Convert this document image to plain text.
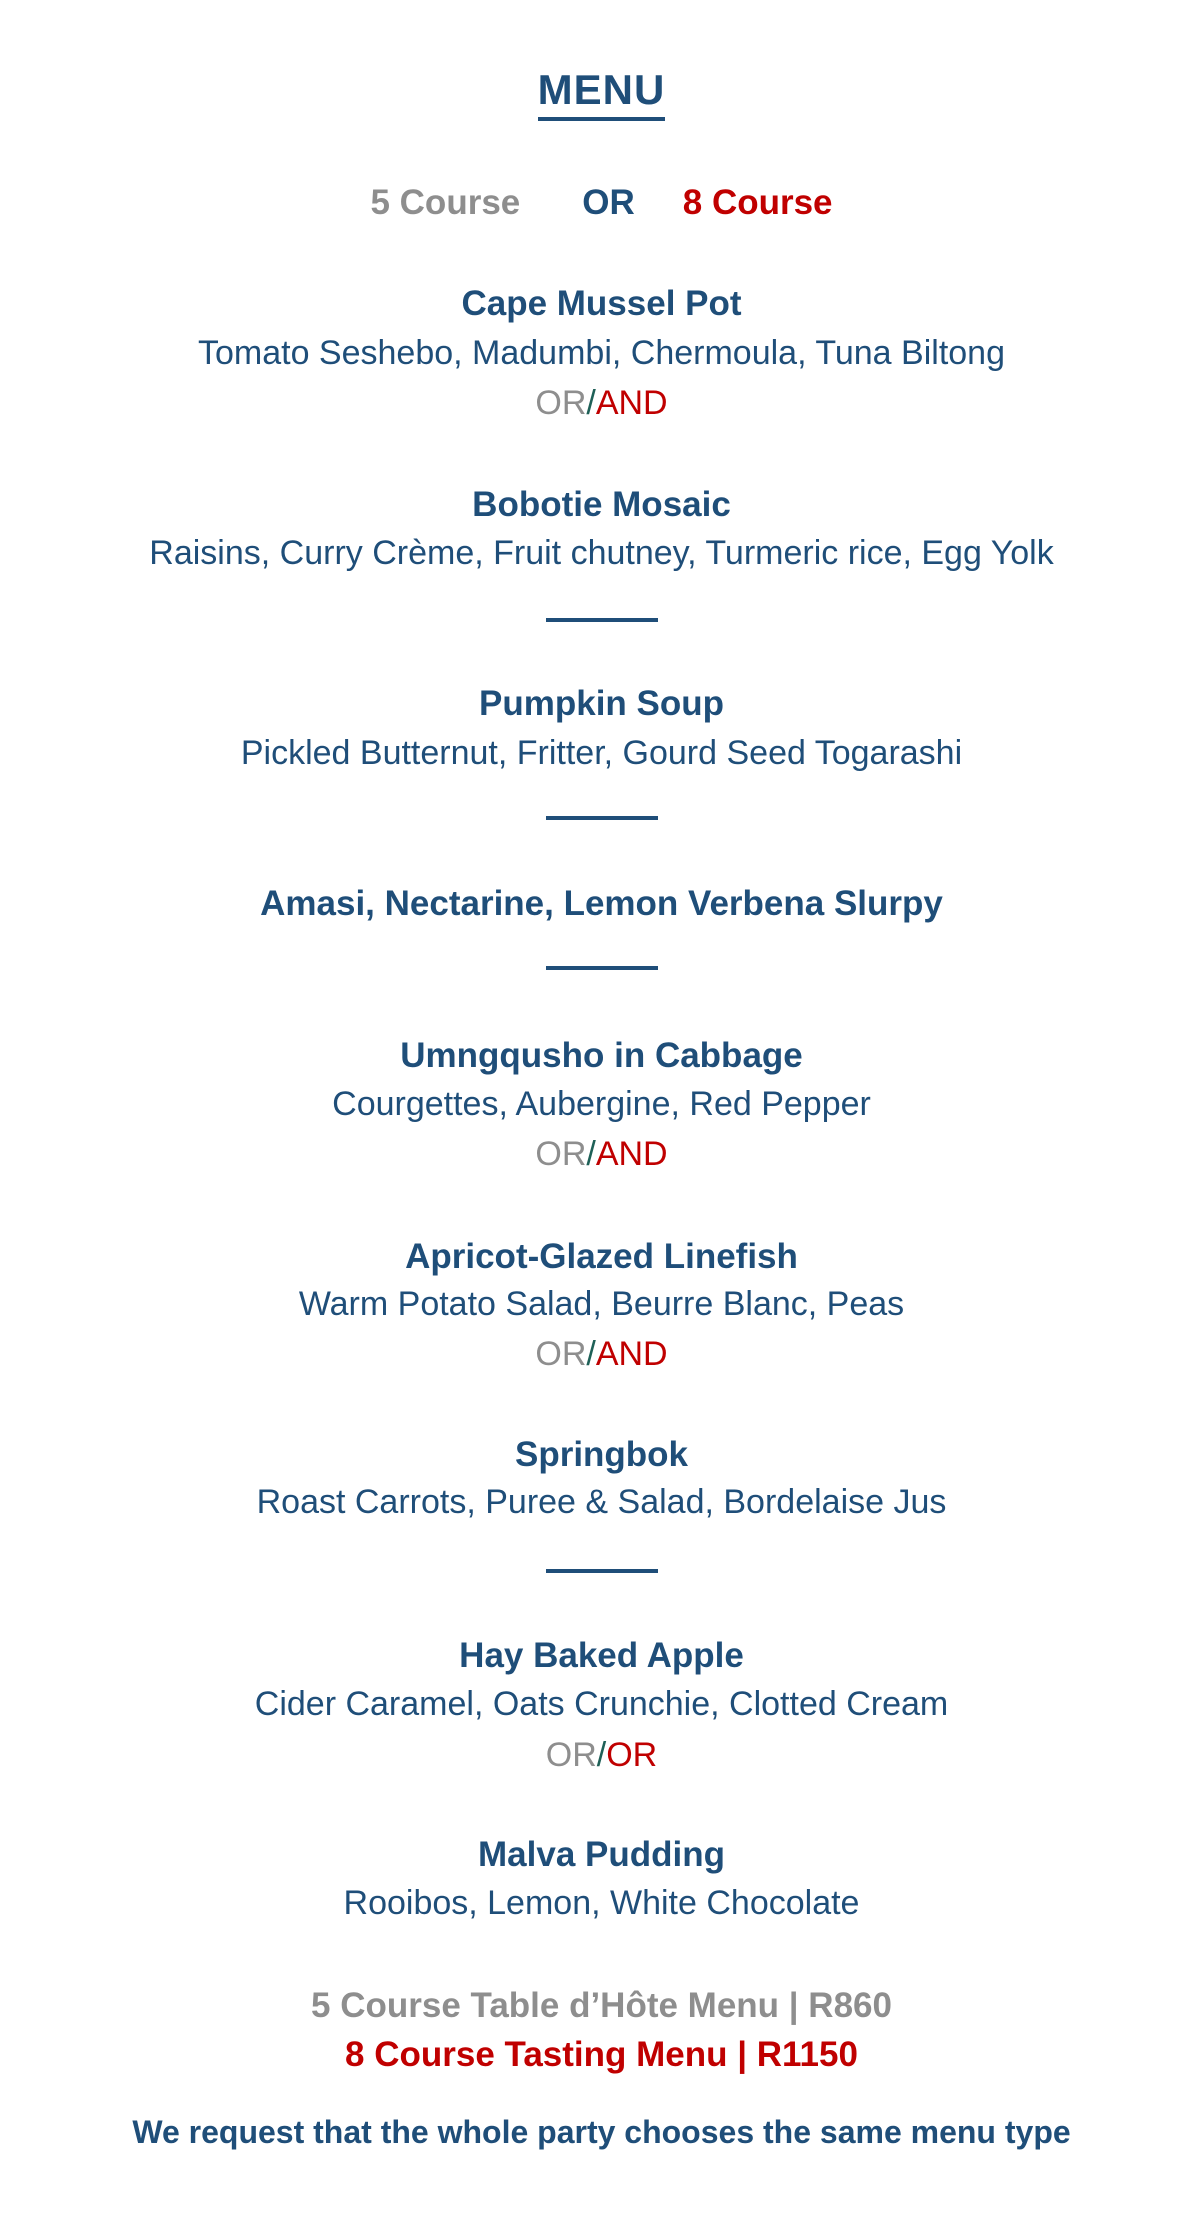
MENU
5 Course OR 8 Course
Cape Mussel Pot
Tomato Seshebo, Madumbi, Chermoula, Tuna Biltong
OR/AND
Bobotie Mosaic
Raisins, Curry Crème, Fruit chutney, Turmeric rice, Egg Yolk
Pumpkin Soup
Pickled Butternut, Fritter, Gourd Seed Togarashi
Amasi, Nectarine, Lemon Verbena Slurpy
Umngqusho in Cabbage
Courgettes, Aubergine, Red Pepper
OR/AND
Apricot-Glazed Linefish
Warm Potato Salad, Beurre Blanc, Peas
OR/AND
Springbok
Roast Carrots, Puree & Salad, Bordelaise Jus
Hay Baked Apple
Cider Caramel, Oats Crunchie, Clotted Cream
OR/OR
Malva Pudding
Rooibos, Lemon, White Chocolate
5 Course Table d’Hôte Menu | R860
8 Course Tasting Menu | R1150
We request that the whole party chooses the same menu type
